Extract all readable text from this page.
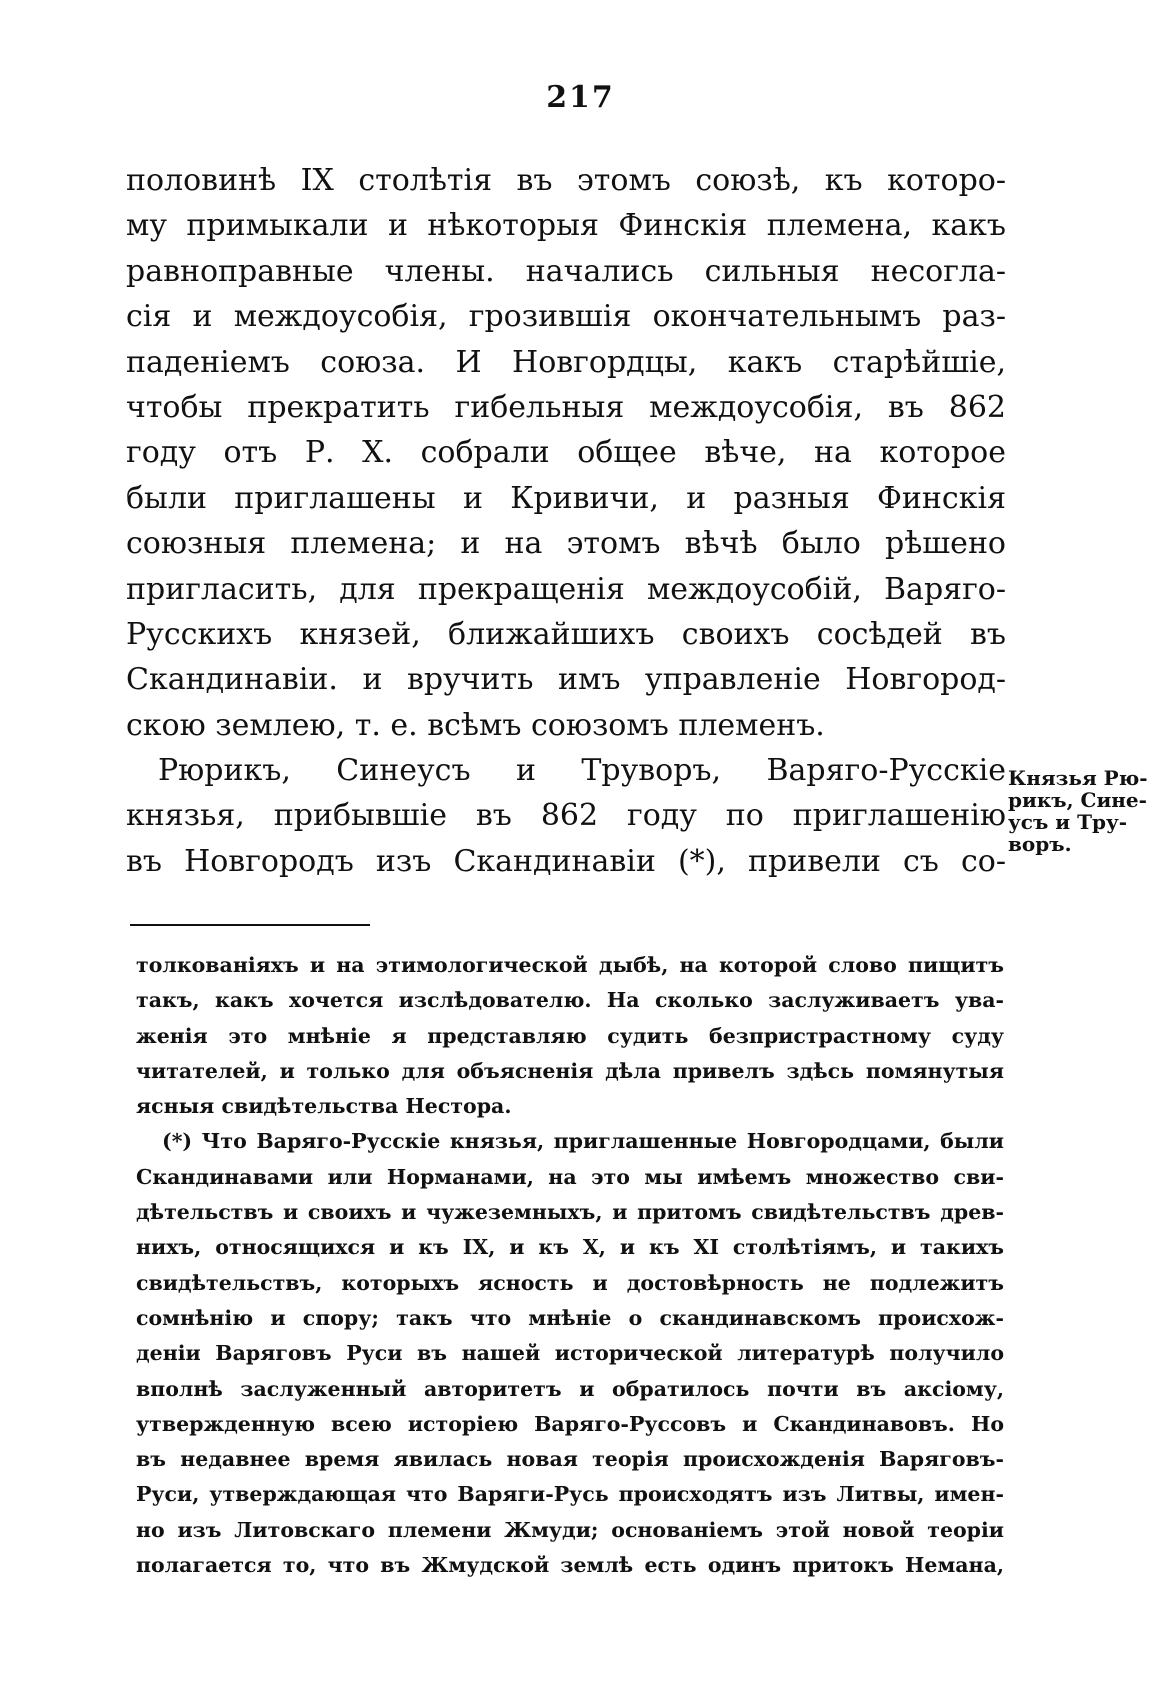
217
половинѣ IX столѣтія въ этомъ союзѣ, къ которо-
му примыкали и нѣкоторыя Финскія племена, какъ
равноправные члены. начались сильныя несогла-
сія и междоусобія, грозившія окончательнымъ раз-
паденіемъ союза. И Новгордцы, какъ старѣйшіе,
чтобы прекратить гибельныя междоусобія, въ 862
году отъ Р. Х. собрали общее вѣче, на которое
были приглашены и Кривичи, и разныя Финскія
союзныя племена; и на этомъ вѣчѣ было рѣшено
пригласить, для прекращенія междоусобій, Варяго-
Русскихъ князей, ближайшихъ своихъ сосѣдей въ
Скандинавіи. и вручить имъ управленіе Новгород-
скою землею, т. е. всѣмъ союзомъ племенъ.
Рюрикъ, Синеусъ и Труворъ, Варяго-Русскіе
князья, прибывшіе въ 862 году по приглашенію
въ Новгородъ изъ Скандинавіи (*), привели съ со-
Князья Рю-
рикъ, Сине-
усъ и Тру-
воръ.
толкованіяхъ и на этимологической дыбѣ, на которой слово пищитъ
такъ, какъ хочется изслѣдователю. На сколько заслуживаетъ ува-
женія это мнѣніе я представляю судить безпристрастному суду
читателей, и только для объясненія дѣла привелъ здѣсь помянутыя
ясныя свидѣтельства Нестора.
(*) Что Варяго-Русскіе князья, приглашенные Новгородцами, были
Скандинавами или Норманами, на это мы имѣемъ множество сви-
дѣтельствъ и своихъ и чужеземныхъ, и притомъ свидѣтельствъ древ-
нихъ, относящихся и къ IX, и къ X, и къ XI столѣтіямъ, и такихъ
свидѣтельствъ, которыхъ ясность и достовѣрность не подлежитъ
сомнѣнію и спору; такъ что мнѣніе о скандинавскомъ происхож-
деніи Варяговъ Руси въ нашей исторической литературѣ получило
вполнѣ заслуженный авторитетъ и обратилось почти въ аксіому,
утвержденную всею исторіею Варяго-Руссовъ и Скандинавовъ. Но
въ недавнее время явилась новая теорія происхожденія Варяговъ-
Руси, утверждающая что Варяги-Русь происходятъ изъ Литвы, имен-
но изъ Литовскаго племени Жмуди; основаніемъ этой новой теоріи
полагается то, что въ Жмудской землѣ есть одинъ притокъ Немана,
